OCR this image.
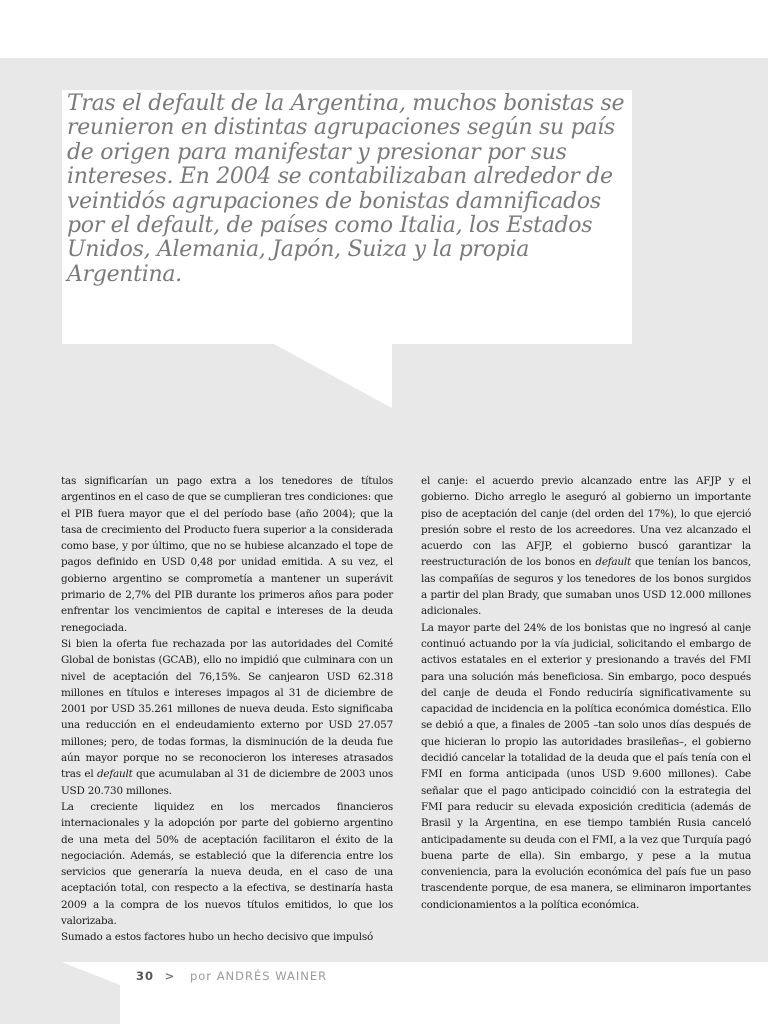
Tras el default de la Argentina, muchos bonistas se reunieron en distintas agrupaciones según su país de origen para manifestar y presionar por sus intereses. En 2004 se contabilizaban alrededor de veintidós agrupaciones de bonistas damnificados por el default, de países como Italia, los Estados Unidos, Alemania, Japón, Suiza y la propia Argentina.

tas significarían un pago extra a los tenedores de títulos argentinos en el caso de que se cumplieran tres condiciones: que el PIB fuera mayor que el del período base (año 2004); que la tasa de crecimiento del Producto fuera superior a la considerada como base, y por último, que no se hubiese alcanzado el tope de pagos definido en USD 0,48 por unidad emitida. A su vez, el gobierno argentino se comprometía a mantener un superávit primario de 2,7% del PIB durante los primeros años para poder enfrentar los vencimientos de capital e intereses de la deuda renegociada.

Si bien la oferta fue rechazada por las autoridades del Comité Global de bonistas (GCAB), ello no impidió que culminara con un nivel de aceptación del 76,15%. Se canjearon USD 62.318 millones en títulos e intereses impagos al 31 de diciembre de 2001 por USD 35.261 millones de nueva deuda. Esto significaba una reducción en el endeudamiento externo por USD 27.057 millones; pero, de todas formas, la disminución de la deuda fue aún mayor porque no se reconocieron los intereses atrasados tras el default que acumulaban al 31 de diciembre de 2003 unos USD 20.730 millones.

La creciente liquidez en los mercados financieros internacionales y la adopción por parte del gobierno argentino de una meta del 50% de aceptación facilitaron el éxito de la negociación. Además, se estableció que la diferencia entre los servicios que generaría la nueva deuda, en el caso de una aceptación total, con respecto a la efectiva, se destinaría hasta 2009 a la compra de los nuevos títulos emitidos, lo que los valorizaba.

Sumado a estos factores hubo un hecho decisivo que impulsó

el canje: el acuerdo previo alcanzado entre las AFJP y el gobierno. Dicho arreglo le aseguró al gobierno un importante piso de aceptación del canje (del orden del 17%), lo que ejerció presión sobre el resto de los acreedores. Una vez alcanzado el acuerdo con las AFJP, el gobierno buscó garantizar la reestructuración de los bonos en default que tenían los bancos, las compañías de seguros y los tenedores de los bonos surgidos a partir del plan Brady, que sumaban unos USD 12.000 millones adicionales.

La mayor parte del 24% de los bonistas que no ingresó al canje continuó actuando por la vía judicial, solicitando el embargo de activos estatales en el exterior y presionando a través del FMI para una solución más beneficiosa. Sin embargo, poco después del canje de deuda el Fondo reduciría significativamente su capacidad de incidencia en la política económica doméstica. Ello se debió a que, a finales de 2005 –tan solo unos días después de que hicieran lo propio las autoridades brasileñas–, el gobierno decidió cancelar la totalidad de la deuda que el país tenía con el FMI en forma anticipada (unos USD 9.600 millones). Cabe señalar que el pago anticipado coincidió con la estrategia del FMI para reducir su elevada exposición crediticia (además de Brasil y la Argentina, en ese tiempo también Rusia canceló anticipadamente su deuda con el FMI, a la vez que Turquía pagó buena parte de ella). Sin embargo, y pese a la mutua conveniencia, para la evolución económica del país fue un paso trascendente porque, de esa manera, se eliminaron importantes condicionamientos a la política económica.

30 > por ANDRÉS WAINER
